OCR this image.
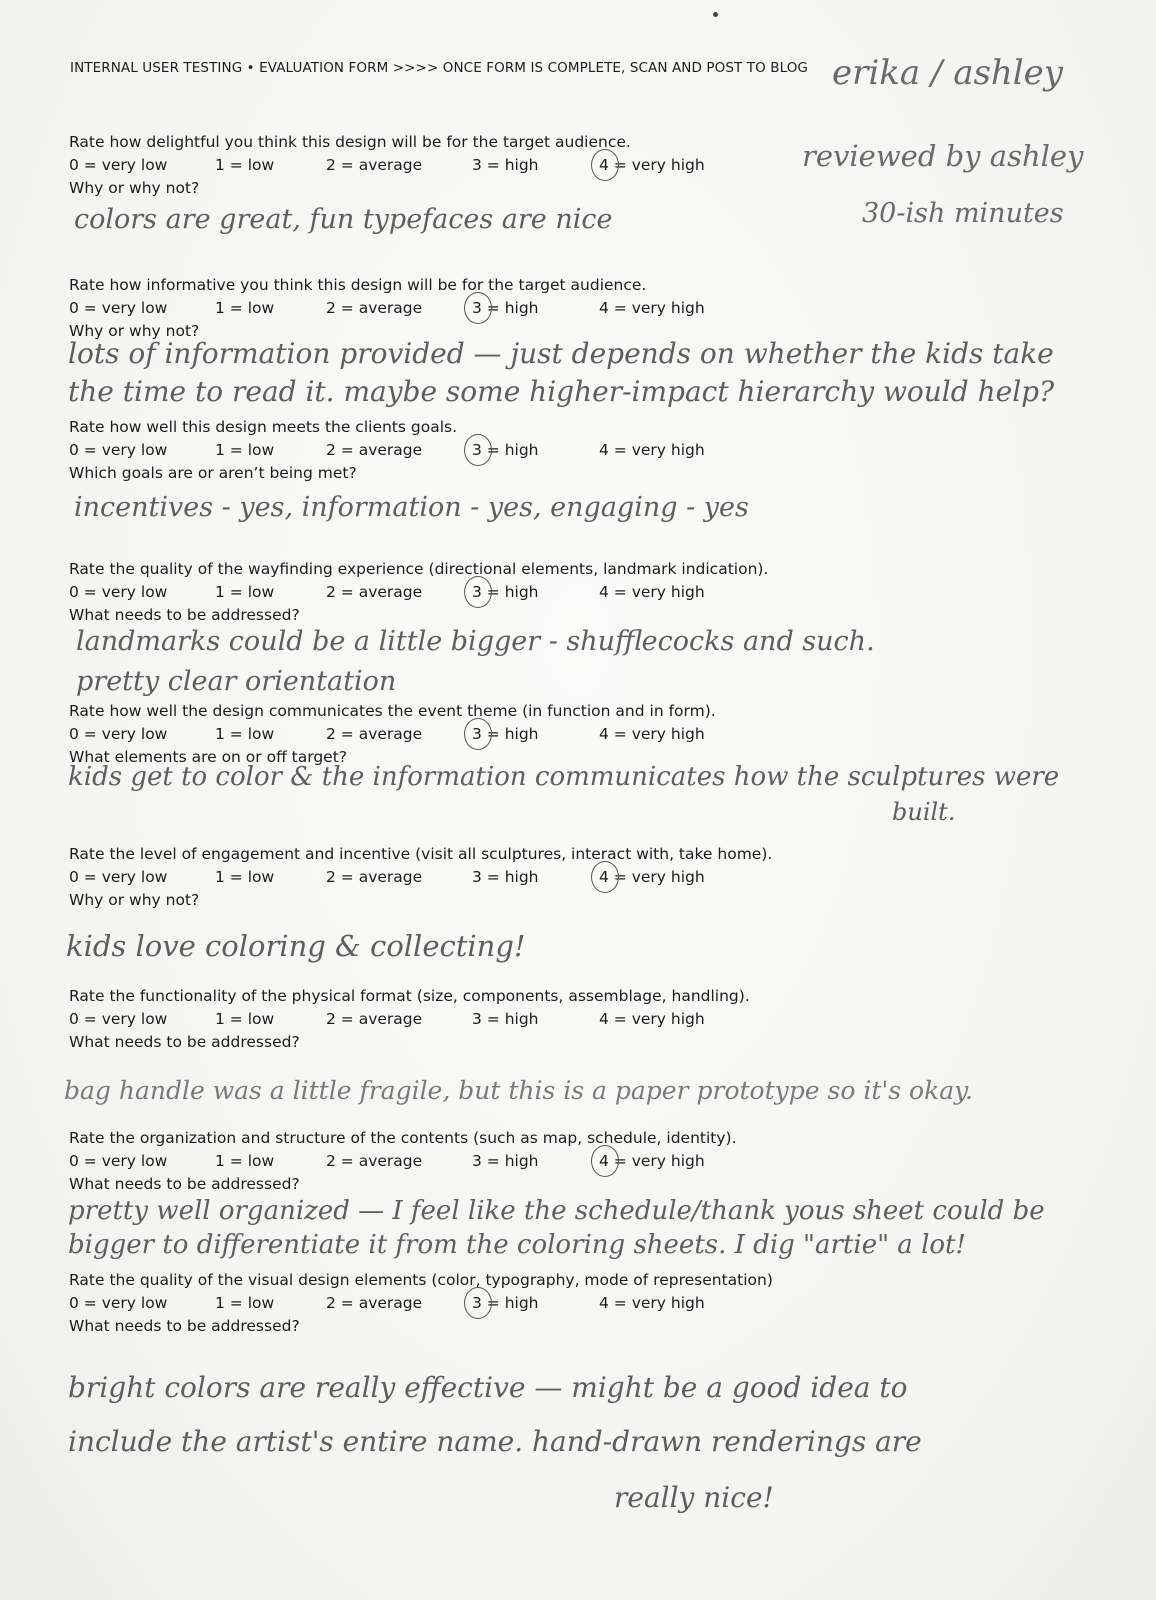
INTERNAL USER TESTING • EVALUATION FORM >>>> ONCE FORM IS COMPLETE, SCAN AND POST TO BLOG erika / ashley
reviewed by ashley
30-ish minutes
Rate how delightful you think this design will be for the target audience.
0 = very low	1 = low	2 = average	3 = high	4 = very high
Why or why not?
colors are great, fun typefaces are nice
Rate how informative you think this design will be for the target audience.
0 = very low	1 = low	2 = average	3 = high	4 = very high
Why or why not?
lots of information provided — just depends on whether the kids take
the time to read it. maybe some higher-impact hierarchy would help?
Rate how well this design meets the clients goals.
0 = very low	1 = low	2 = average	3 = high	4 = very high
Which goals are or aren’t being met?
incentives - yes, information - yes, engaging - yes
Rate the quality of the wayfinding experience (directional elements, landmark indication).
0 = very low	1 = low	2 = average	3 = high	4 = very high
What needs to be addressed?
landmarks could be a little bigger - shufflecocks and such.
pretty clear orientation
Rate how well the design communicates the event theme (in function and in form).
0 = very low	1 = low	2 = average	3 = high	4 = very high
What elements are on or off target?
kids get to color & the information communicates how the sculptures were
built.
Rate the level of engagement and incentive (visit all sculptures, interact with, take home).
0 = very low	1 = low	2 = average	3 = high	4 = very high
Why or why not?
kids love coloring & collecting!
Rate the functionality of the physical format (size, components, assemblage, handling).
0 = very low	1 = low	2 = average	3 = high	4 = very high
What needs to be addressed?
bag handle was a little fragile, but this is a paper prototype so it's okay.
Rate the organization and structure of the contents (such as map, schedule, identity).
0 = very low	1 = low	2 = average	3 = high	4 = very high
What needs to be addressed?
pretty well organized — I feel like the schedule/thank yous sheet could be
bigger to differentiate it from the coloring sheets. I dig "artie" a lot!
Rate the quality of the visual design elements (color, typography, mode of representation)
0 = very low	1 = low	2 = average	3 = high	4 = very high
What needs to be addressed?
bright colors are really effective — might be a good idea to
include the artist's entire name. hand-drawn renderings are
really nice!
